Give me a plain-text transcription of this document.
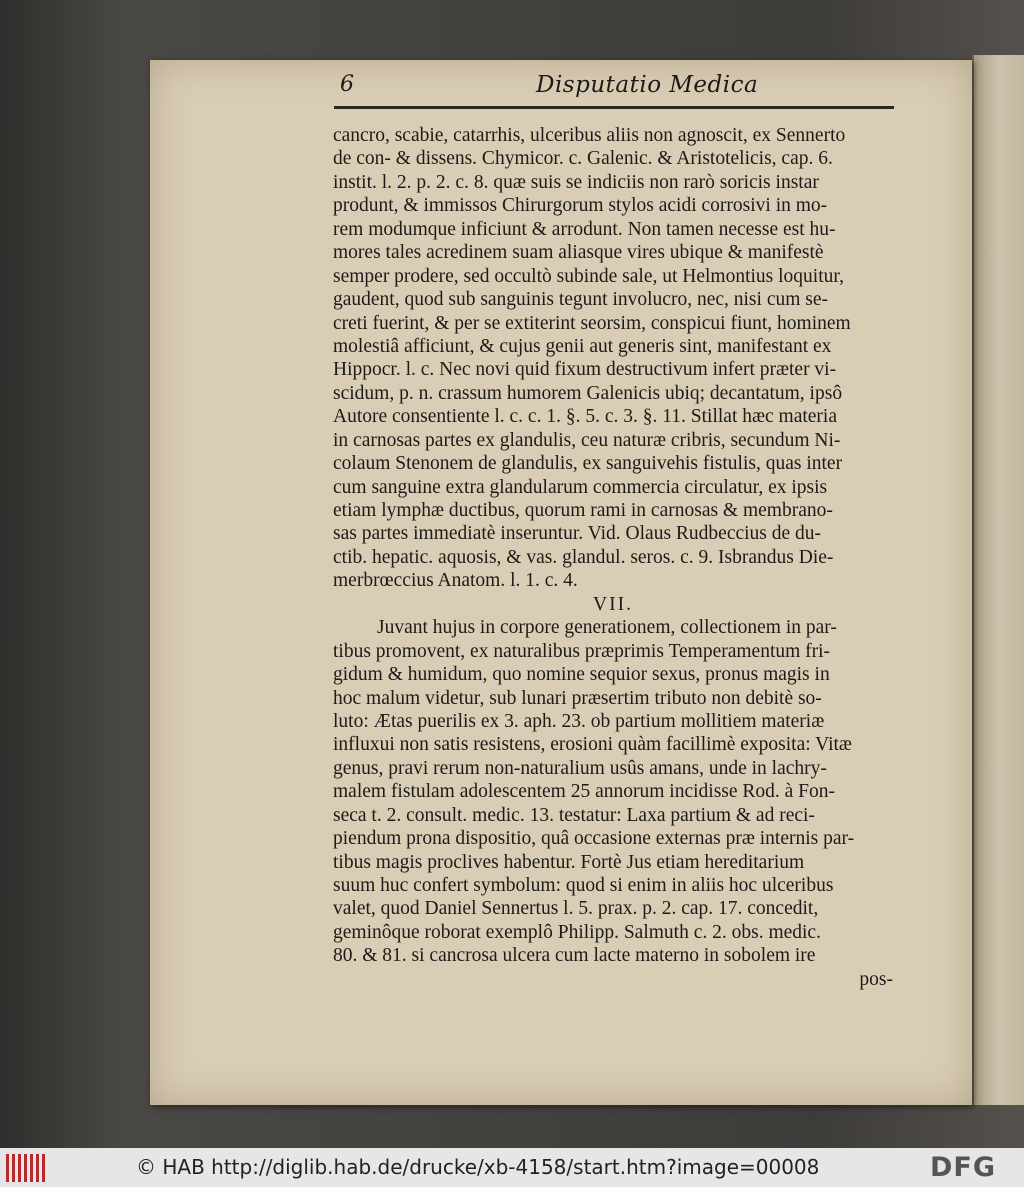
6	Disputatio Medica
cancro, scabie, catarrhis, ulceribus aliis non agnoscit, ex Sennerto
de con- & dissens. Chymicor. c. Galenic. & Aristotelicis, cap. 6.
instit. l. 2. p. 2. c. 8. quæ suis se indiciis non rarò soricis instar
produnt, & immissos Chirurgorum stylos acidi corrosivi in mo-
rem modumque inficiunt & arrodunt. Non tamen necesse est hu-
mores tales acredinem suam aliasque vires ubique & manifestè
semper prodere, sed occultò subinde sale, ut Helmontius loquitur,
gaudent, quod sub sanguinis tegunt involucro, nec, nisi cum se-
creti fuerint, & per se extiterint seorsim, conspicui fiunt, hominem
molestiâ afficiunt, & cujus genii aut generis sint, manifestant ex
Hippocr. l. c. Nec novi quid fixum destructivum infert præter vi-
scidum, p. n. crassum humorem Galenicis ubiq; decantatum, ipsô
Autore consentiente l. c. c. 1. §. 5. c. 3. §. 11. Stillat hæc materia
in carnosas partes ex glandulis, ceu naturæ cribris, secundum Ni-
colaum Stenonem de glandulis, ex sanguivehis fistulis, quas inter
cum sanguine extra glandularum commercia circulatur, ex ipsis
etiam lymphæ ductibus, quorum rami in carnosas & membrano-
sas partes immediatè inseruntur. Vid. Olaus Rudbeccius de du-
ctib. hepatic. aquosis, & vas. glandul. seros. c. 9. Isbrandus Die-
merbrœccius Anatom. l. 1. c. 4.
VII.
Juvant hujus in corpore generationem, collectionem in par-
tibus promovent, ex naturalibus præprimis Temperamentum fri-
gidum & humidum, quo nomine sequior sexus, pronus magis in
hoc malum videtur, sub lunari præsertim tributo non debitè so-
luto: Ætas puerilis ex 3. aph. 23. ob partium mollitiem materiæ
influxui non satis resistens, erosioni quàm facillimè exposita: Vitæ
genus, pravi rerum non-naturalium usûs amans, unde in lachry-
malem fistulam adolescentem 25 annorum incidisse Rod. à Fon-
seca t. 2. consult. medic. 13. testatur: Laxa partium & ad reci-
piendum prona dispositio, quâ occasione externas præ internis par-
tibus magis proclives habentur. Fortè Jus etiam hereditarium
suum huc confert symbolum: quod si enim in aliis hoc ulceribus
valet, quod Daniel Sennertus l. 5. prax. p. 2. cap. 17. concedit,
geminôque roborat exemplô Philipp. Salmuth c. 2. obs. medic.
80. & 81. si cancrosa ulcera cum lacte materno in sobolem ire
pos-
© HAB http://diglib.hab.de/drucke/xb-4158/start.htm?image=00008	DFG
